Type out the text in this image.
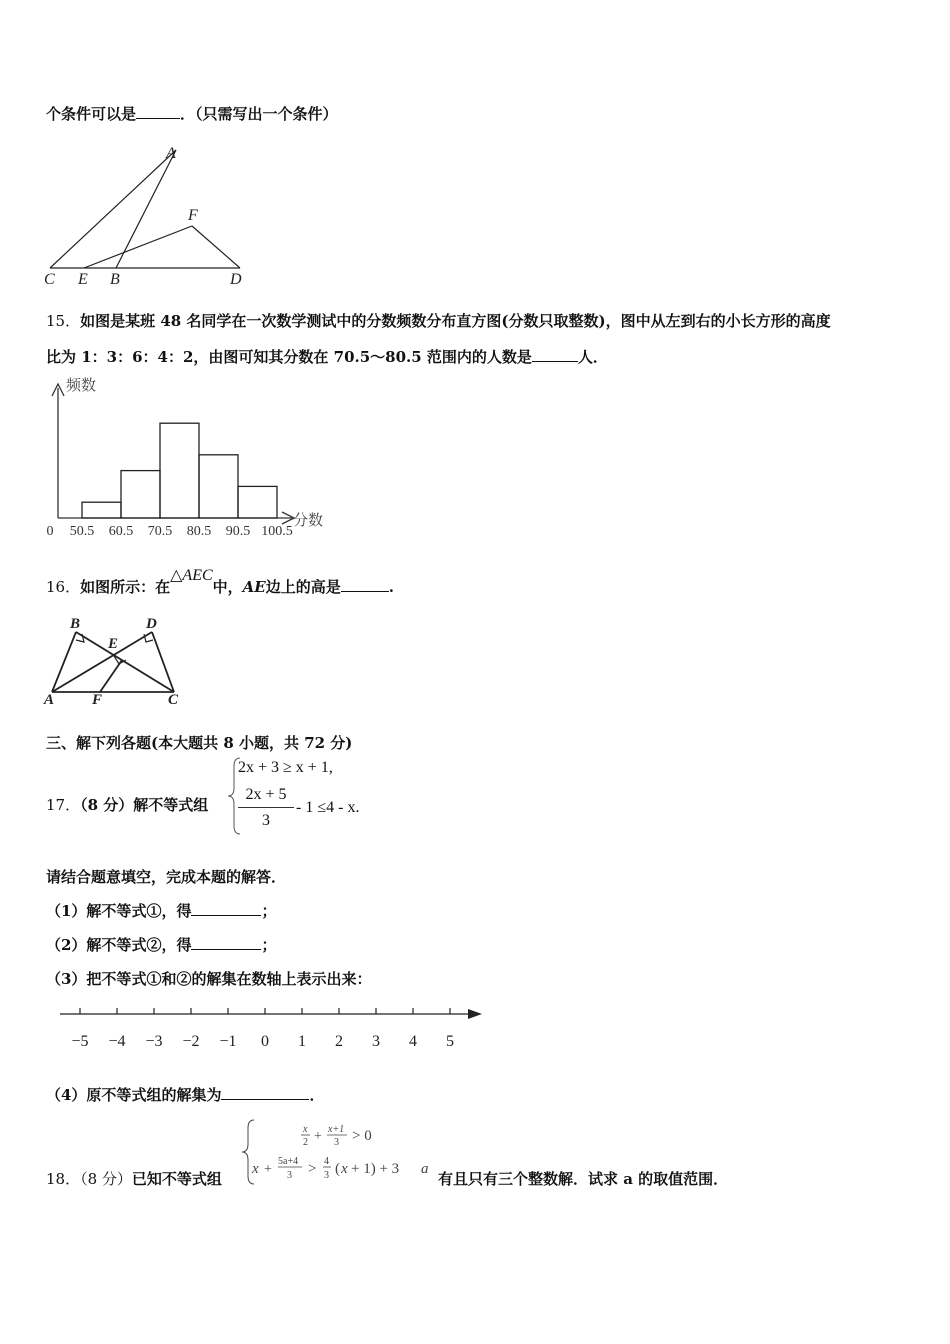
个条件可以是	．（只需写出一个条件）
A
F
C E B	D
15．如图是某班 48 名同学在一次数学测试中的分数频数分布直方图(分数只取整数)，图中从左到右的小长方形的高度
比为 1：3：6：4：2，由图可知其分数在 70.5～80.5 范围内的人数是	人．
频数
分数
0 50.5 60.5 70.5 80.5 90.5 100.5
16．如图所示：在△AEC中，AE边上的高是	.
B	D
E
A	F	C
三、解下列各题(本大题共 8 小题，共 72 分)
17．（8 分）解不等式组
2x + 3 ≥ x + 1,
2x + 5
3
- 1 ≤4 - x.
请结合题意填空，完成本题的解答．
（1）解不等式①，得	；
（2）解不等式②，得	；
（3）把不等式①和②的解集在数轴上表示出来：
−5 −4 −3 −2 −1 0 1 2 3 4 5
（4）原不等式组的解集为	．
18．（8 分）已知不等式组
x
2 + x+1
3 > 0
x +
5a+4
3 > 4
3 ( x + 1) + 3 a
有且只有三个整数解．试求 a 的取值范围．
